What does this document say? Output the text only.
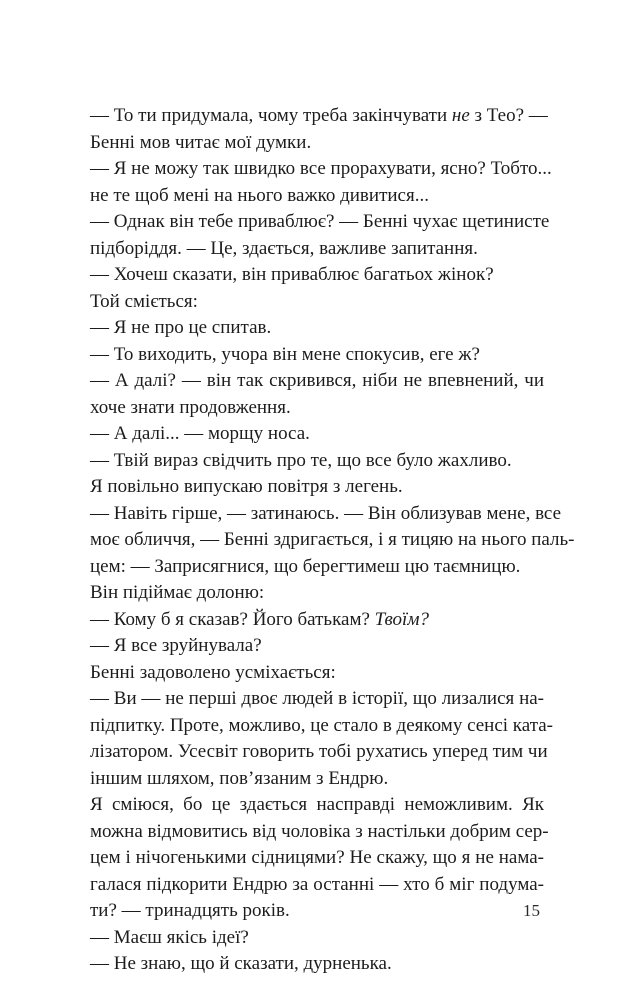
— То ти придумала, чому треба закінчувати не з Тео? —
Бенні мов читає мої думки.

— Я не можу так швидко все прорахувати, ясно? Тобто...
не те щоб мені на нього важко дивитися...

— Однак він тебе приваблює? — Бенні чухає щетинисте
підборіддя. — Це, здається, важливе запитання.

— Хочеш сказати, він приваблює багатьох жінок?

Той сміється:

— Я не про це спитав.

— То виходить, учора він мене спокусив, еге ж?

— А далі? — він так скривився, ніби не впевнений, чи
хоче знати продовження.

— А далі... — морщу носа.

— Твій вираз свідчить про те, що все було жахливо.

Я повільно випускаю повітря з легень.

— Навіть гірше, — затинаюсь. — Він облизував мене, все
моє обличчя, — Бенні здригається, і я тицяю на нього паль-
цем: — Заприсягнися, що берегтимеш цю таємницю.

Він підіймає долоню:

— Кому б я сказав? Його батькам? Твоїм?

— Я все зруйнувала?

Бенні задоволено усміхається:

— Ви — не перші двоє людей в історії, що лизалися на-
підпитку. Проте, можливо, це стало в деякому сенсі ката-
лізатором. Усесвіт говорить тобі рухатись уперед тим чи
іншим шляхом, пов’язаним з Ендрю.

Я сміюся, бо це здається насправді неможливим. Як
можна відмовитись від чоловіка з настільки добрим сер-
цем і нічогенькими сідницями? Не скажу, що я не нама-
галася підкорити Ендрю за останні — хто б міг подума-
ти? — тринадцять років.

— Маєш якісь ідеї?

— Не знаю, що й сказати, дурненька.

15
